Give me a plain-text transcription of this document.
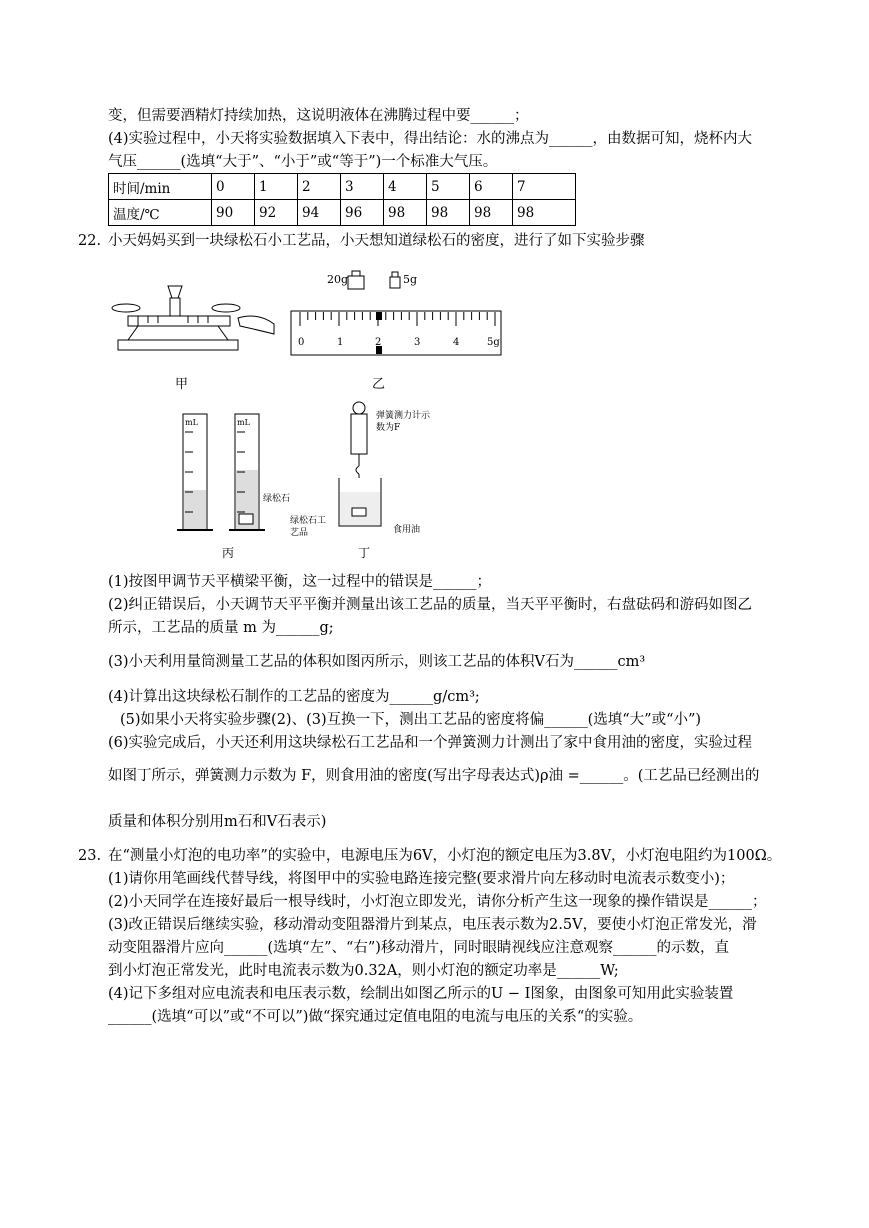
变，但需要酒精灯持续加热，这说明液体在沸腾过程中要______；
(4)实验过程中，小天将实验数据填入下表中，得出结论：水的沸点为______，由数据可知，烧杯内大
气压______(选填“大于”、“小于”或“等于”)一个标准大气压。
时间/min	0	1	2	3	4	5	6	7
温度/℃	90	92	94	96	98	98	98	98
22. 小天妈妈买到一块绿松石小工艺品，小天想知道绿松石的密度，进行了如下实验步骤
甲
20g	5g
0	1	2	3	4	5g
乙
mL	mL
绿松石
丙
弹簧测力计示数为F
绿松石工艺品	食用油
丁
(1)按图甲调节天平横梁平衡，这一过程中的错误是______；
(2)纠正错误后，小天调节天平平衡并测量出该工艺品的质量，当天平平衡时，右盘砝码和游码如图乙
所示，工艺品的质量 m 为______g;
(3)小天利用量筒测量工艺品的体积如图丙所示，则该工艺品的体积V石为______cm³
(4)计算出这块绿松石制作的工艺品的密度为______g/cm³;
(5)如果小天将实验步骤(2)、(3)互换一下，测出工艺品的密度将偏______(选填“大”或“小”)
(6)实验完成后，小天还利用这块绿松石工艺品和一个弹簧测力计测出了家中食用油的密度，实验过程
如图丁所示，弹簧测力示数为 F，则食用油的密度(写出字母表达式)ρ油 =______。(工艺品已经测出的
质量和体积分别用m石和V石表示)
23. 在“测量小灯泡的电功率”的实验中，电源电压为6V，小灯泡的额定电压为3.8V，小灯泡电阻约为100Ω。
(1)请你用笔画线代替导线，将图甲中的实验电路连接完整(要求滑片向左移动时电流表示数变小)；
(2)小天同学在连接好最后一根导线时，小灯泡立即发光，请你分析产生这一现象的操作错误是______；
(3)改正错误后继续实验，移动滑动变阻器滑片到某点，电压表示数为2.5V，要使小灯泡正常发光，滑
动变阻器滑片应向______(选填“左”、“右”)移动滑片，同时眼睛视线应注意观察______的示数，直
到小灯泡正常发光，此时电流表示数为0.32A，则小灯泡的额定功率是______W;
(4)记下多组对应电流表和电压表示数，绘制出如图乙所示的U − I图象，由图象可知用此实验装置
______(选填“可以”或“不可以”)做“探究通过定值电阻的电流与电压的关系“的实验。
